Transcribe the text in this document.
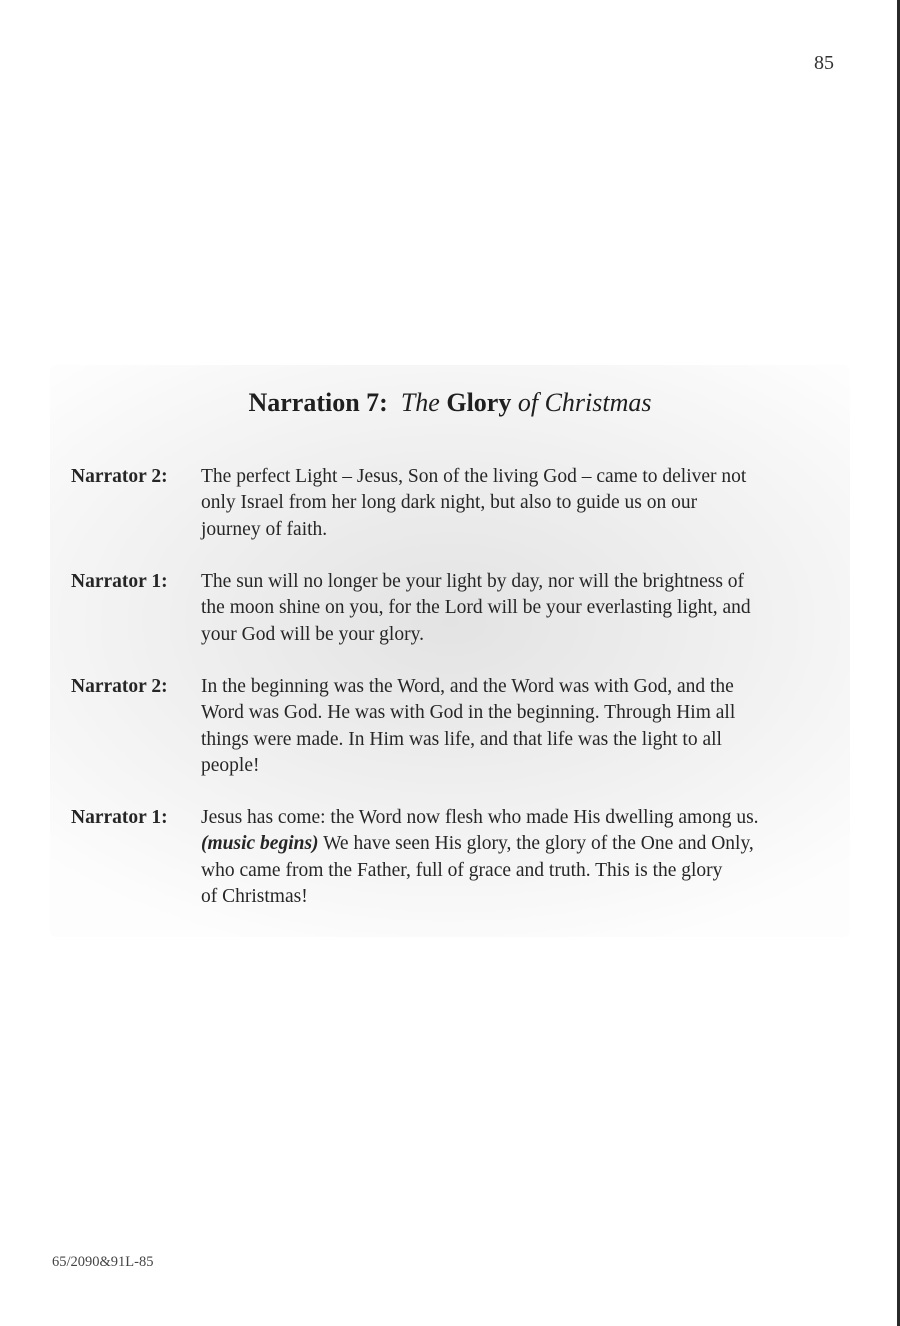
85
Narration 7: The Glory of Christmas
Narrator 2: The perfect Light – Jesus, Son of the living God – came to deliver not
only Israel from her long dark night, but also to guide us on our
journey of faith.
Narrator 1: The sun will no longer be your light by day, nor will the brightness of
the moon shine on you, for the Lord will be your everlasting light, and
your God will be your glory.
Narrator 2: In the beginning was the Word, and the Word was with God, and the
Word was God. He was with God in the beginning. Through Him all
things were made. In Him was life, and that life was the light to all
people!
Narrator 1: Jesus has come: the Word now flesh who made His dwelling among us.
(music begins) We have seen His glory, the glory of the One and Only,
who came from the Father, full of grace and truth. This is the glory
of Christmas!
65/2090&91L-85
